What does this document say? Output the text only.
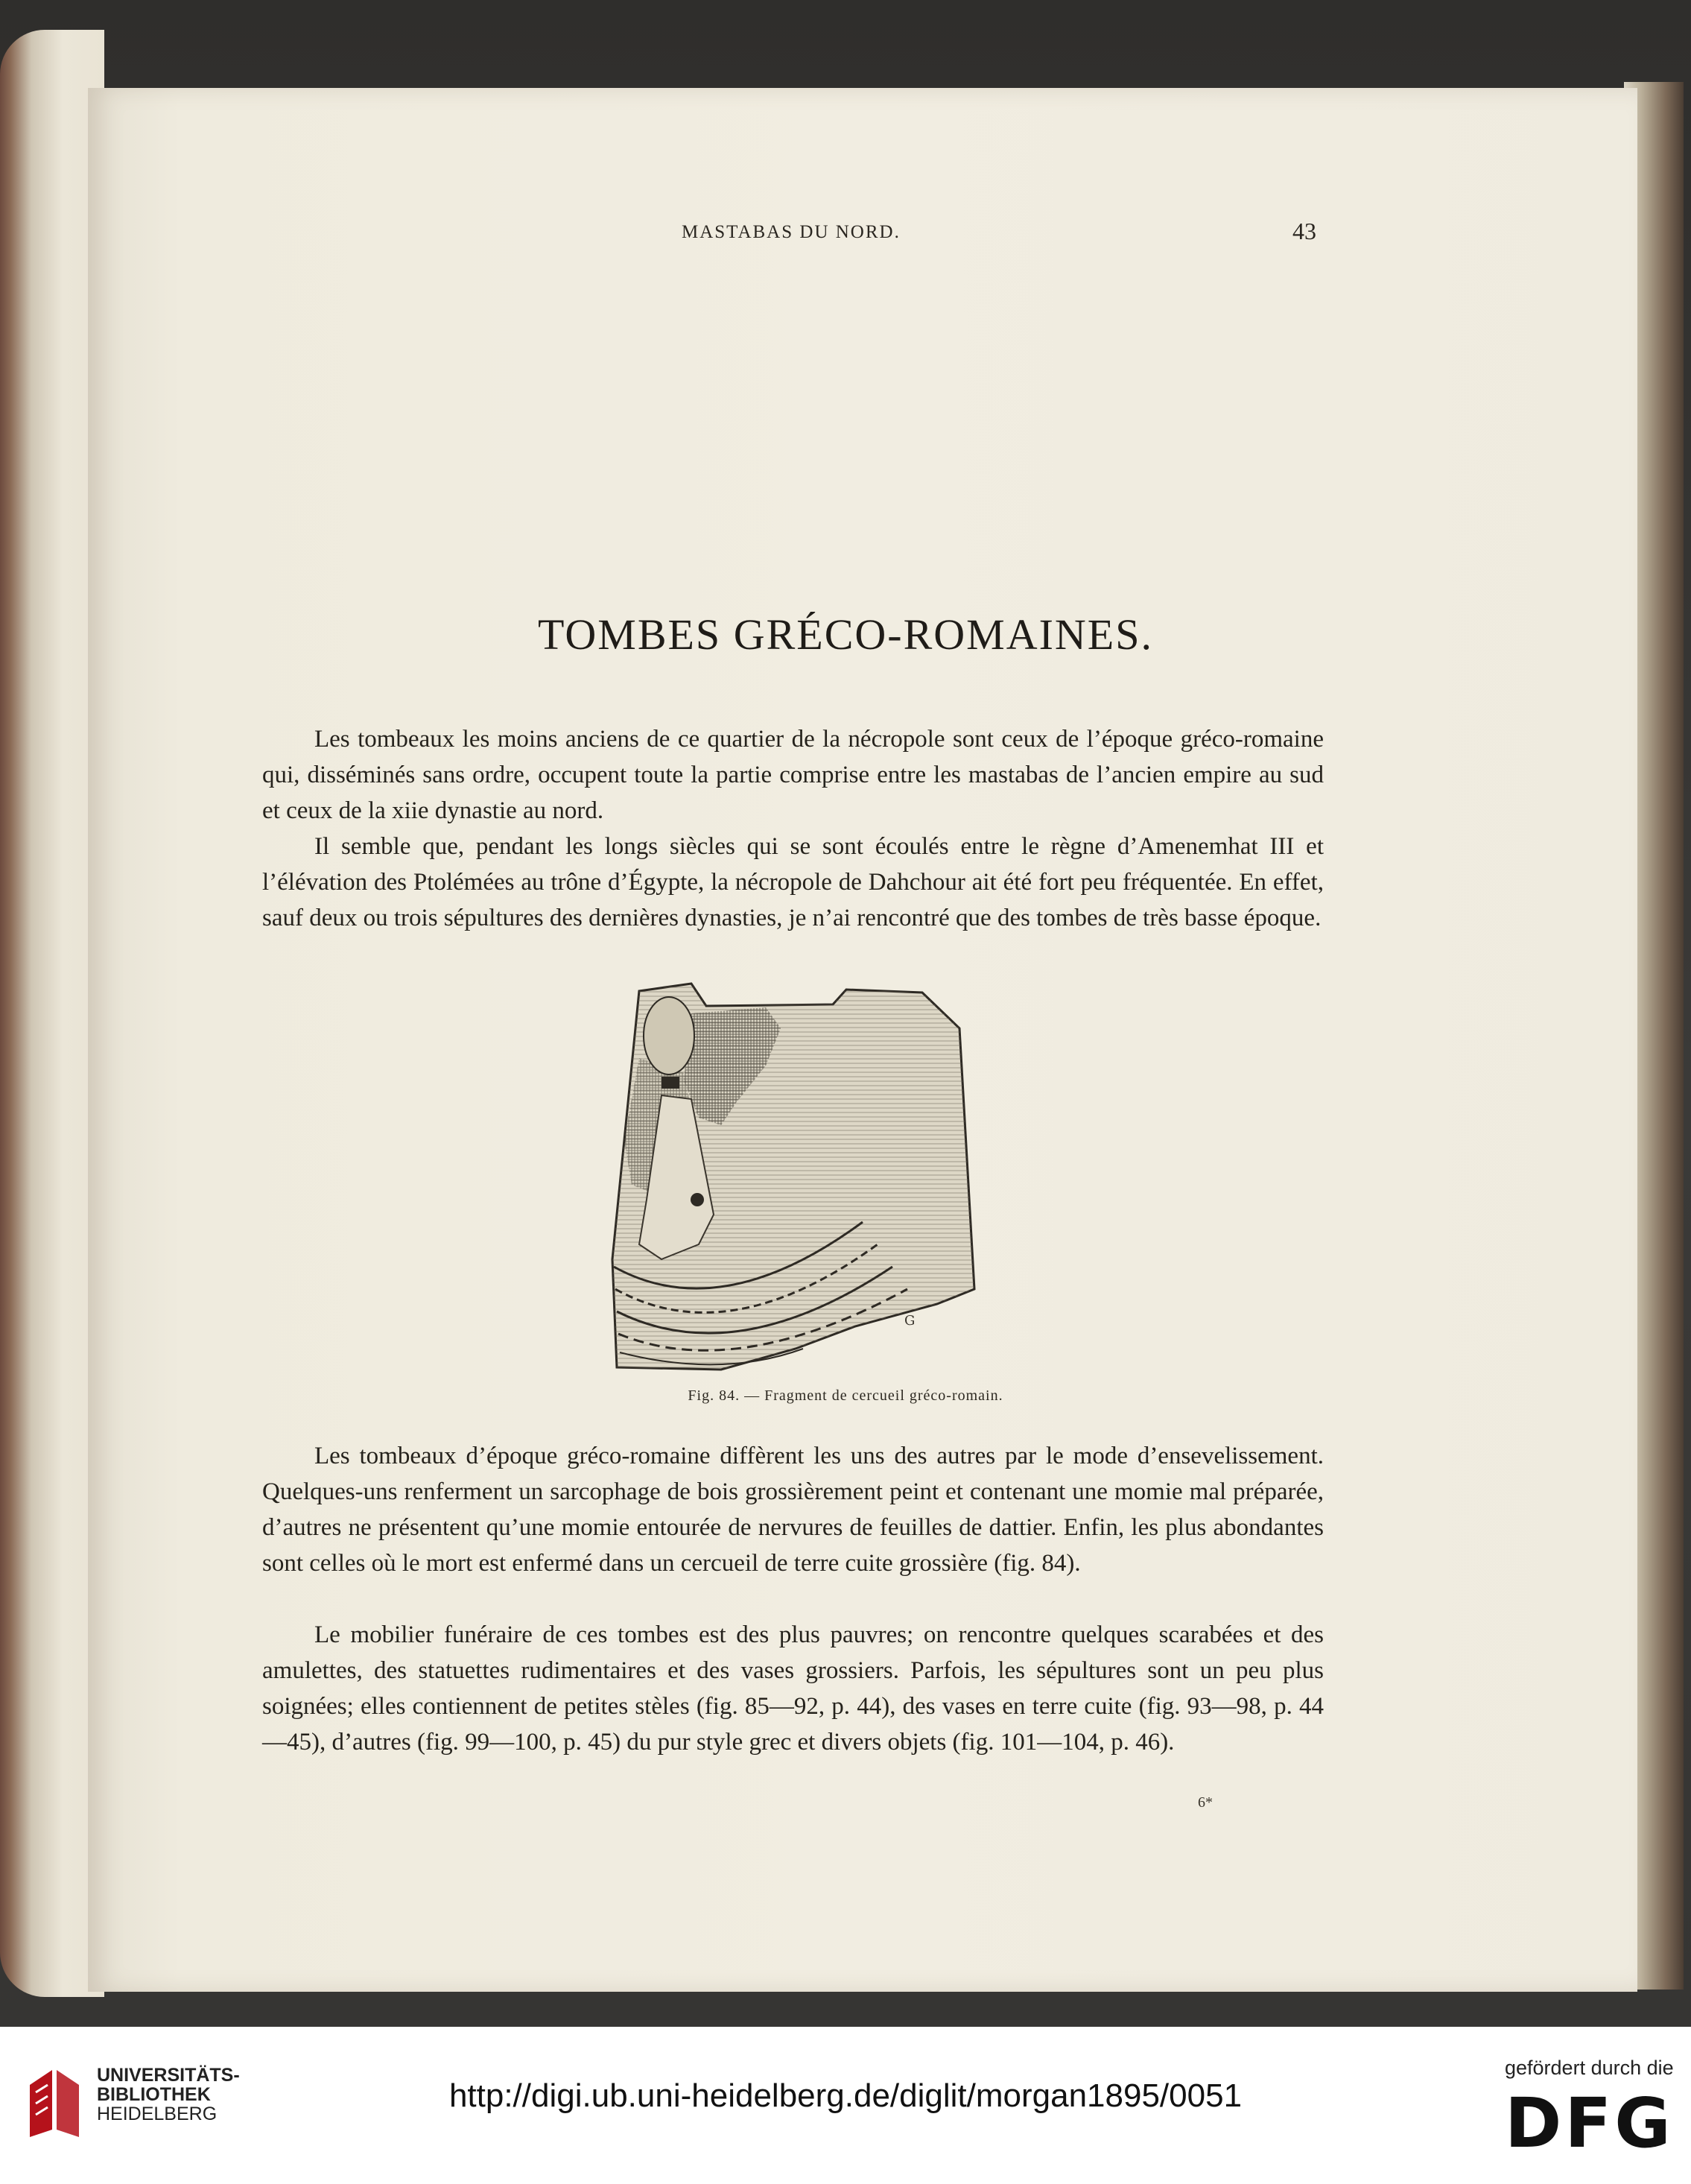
MASTABAS DU NORD.	43
TOMBES GRÉCO-ROMAINES.

Les tombeaux les moins anciens de ce quartier de la nécropole sont ceux de l’époque gréco-romaine qui, disséminés sans ordre, occupent toute la partie comprise entre les mastabas de l’ancien empire au sud et ceux de la xiie dynastie au nord.

Il semble que, pendant les longs siècles qui se sont écoulés entre le règne d’Amenemhat III et l’élévation des Ptolémées au trône d’Égypte, la nécropole de Dahchour ait été fort peu fréquentée. En effet, sauf deux ou trois sépultures des dernières dynasties, je n’ai rencontré que des tombes de très basse époque.

G
Fig. 84. — Fragment de cercueil gréco-romain.

Les tombeaux d’époque gréco-romaine diffèrent les uns des autres par le mode d’ensevelissement. Quelques-uns renferment un sarcophage de bois grossièrement peint et contenant une momie mal préparée, d’autres ne présentent qu’une momie entourée de nervures de feuilles de dattier. Enfin, les plus abondantes sont celles où le mort est enfermé dans un cercueil de terre cuite grossière (fig. 84).

Le mobilier funéraire de ces tombes est des plus pauvres; on rencontre quelques scarabées et des amulettes, des statuettes rudimentaires et des vases grossiers. Parfois, les sépultures sont un peu plus soignées; elles contiennent de petites stèles (fig. 85—92, p. 44), des vases en terre cuite (fig. 93—98, p. 44—45), d’autres (fig. 99—100, p. 45) du pur style grec et divers objets (fig. 101—104, p. 46).

6*
UNIVERSITÄTS-
BIBLIOTHEK
HEIDELBERG	http://digi.ub.uni-heidelberg.de/diglit/morgan1895/0051
gefördert durch die
DFG
